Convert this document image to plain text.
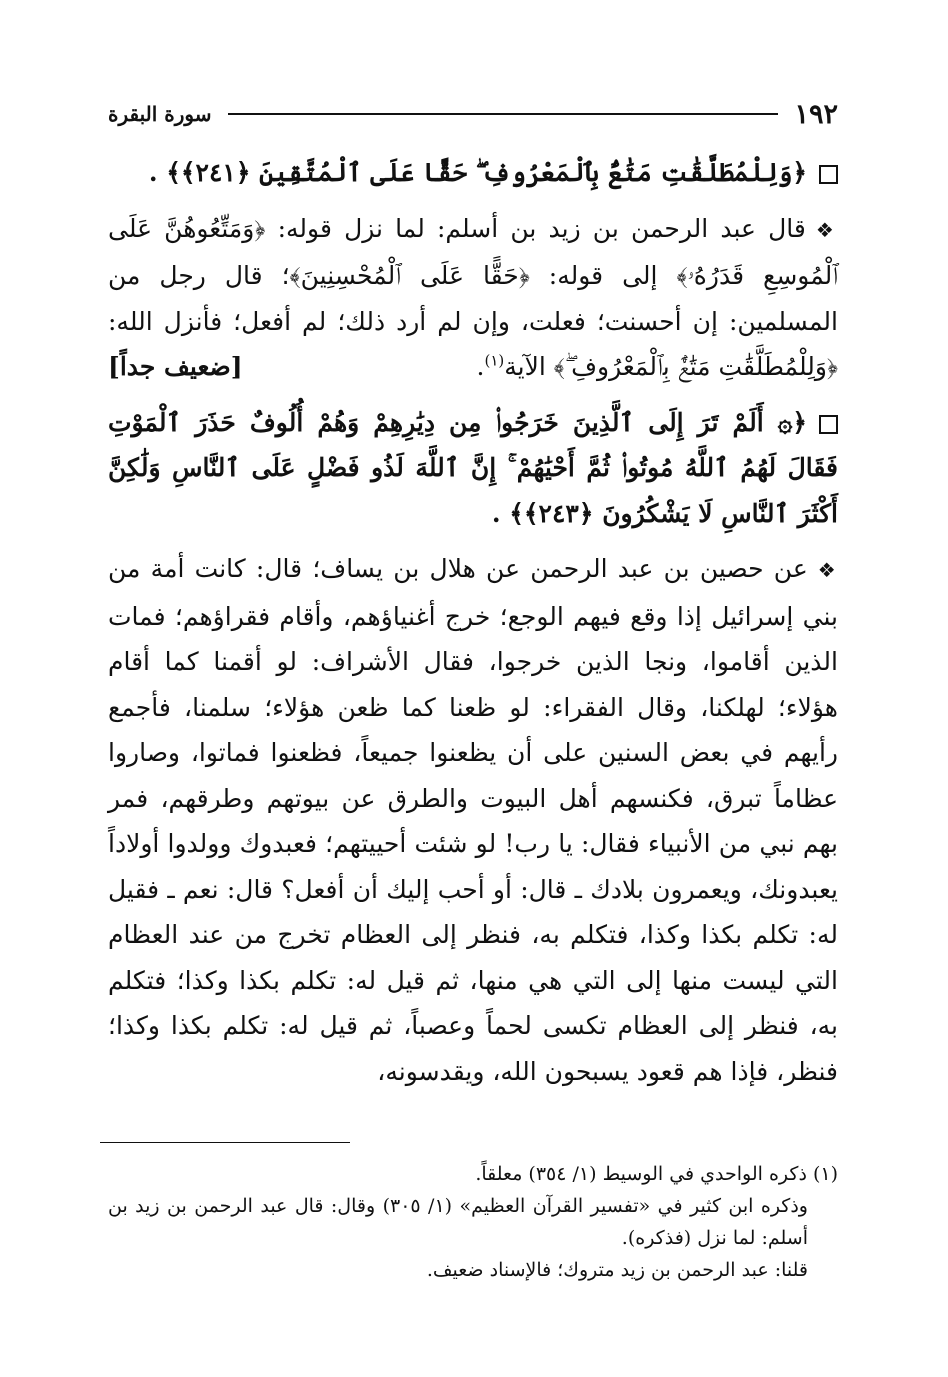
١٩٢
سورة البقرة

﴿وَلِلْمُطَلَّقَٰتِ مَتَٰعٌۢ بِٱلْمَعْرُوفِ ۖ حَقًّا عَلَى ٱلْمُتَّقِينَ ﴿٢٤١﴾﴾ .

❖قال عبد الرحمن بن زيد بن أسلم: لما نزل قوله: ﴿وَمَتِّعُوهُنَّ عَلَى ٱلْمُوسِعِ قَدَرُهُۥ﴾ إلى قوله: ﴿حَقًّا عَلَى ٱلْمُحْسِنِينَ﴾؛ قال رجل من المسلمين: إن أحسنت؛ فعلت، وإن لم أرد ذلك؛ لم أفعل؛ فأنزل الله: ﴿وَلِلْمُطَلَّقَٰتِ مَتَٰعٌۢ بِٱلْمَعْرُوفِ ۖ﴾ الآية$^{(١)}$.
[ضعيف جداً]

﴿۞ أَلَمْ تَرَ إِلَى ٱلَّذِينَ خَرَجُوا۟ مِن دِيَٰرِهِمْ وَهُمْ أُلُوفٌ حَذَرَ ٱلْمَوْتِ فَقَالَ لَهُمُ ٱللَّهُ مُوتُوا۟ ثُمَّ أَحْيَٰهُمْ ۚ إِنَّ ٱللَّهَ لَذُو فَضْلٍ عَلَى ٱلنَّاسِ وَلَٰكِنَّ أَكْثَرَ ٱلنَّاسِ لَا يَشْكُرُونَ ﴿٢٤٣﴾﴾ .

❖عن حصين بن عبد الرحمن عن هلال بن يساف؛ قال: كانت أمة من بني إسرائيل إذا وقع فيهم الوجع؛ خرج أغنياؤهم، وأقام فقراؤهم؛ فمات الذين أقاموا، ونجا الذين خرجوا، فقال الأشراف: لو أقمنا كما أقام هؤلاء؛ لهلكنا، وقال الفقراء: لو ظعنا كما ظعن هؤلاء؛ سلمنا، فأجمع رأيهم في بعض السنين على أن يظعنوا جميعاً، فظعنوا فماتوا، وصاروا عظاماً تبرق، فكنسهم أهل البيوت والطرق عن بيوتهم وطرقهم، فمر بهم نبي من الأنبياء فقال: يا رب! لو شئت أحييتهم؛ فعبدوك وولدوا أولاداً يعبدونك، ويعمرون بلادك ـ قال: أو أحب إليك أن أفعل؟ قال: نعم ـ فقيل له: تكلم بكذا وكذا، فتكلم به، فنظر إلى العظام تخرج من عند العظام التي ليست منها إلى التي هي منها، ثم قيل له: تكلم بكذا وكذا؛ فتكلم به، فنظر إلى العظام تكسى لحماً وعصباً، ثم قيل له: تكلم بكذا وكذا؛ فنظر، فإذا هم قعود يسبحون الله، ويقدسونه،

(١) ذكره الواحدي في الوسيط (١/ ٣٥٤) معلقاً.

وذكره ابن كثير في «تفسير القرآن العظيم» (١/ ٣٠٥) وقال: قال عبد الرحمن بن زيد بن أسلم: لما نزل (فذكره).

قلنا: عبد الرحمن بن زيد متروك؛ فالإسناد ضعيف.
